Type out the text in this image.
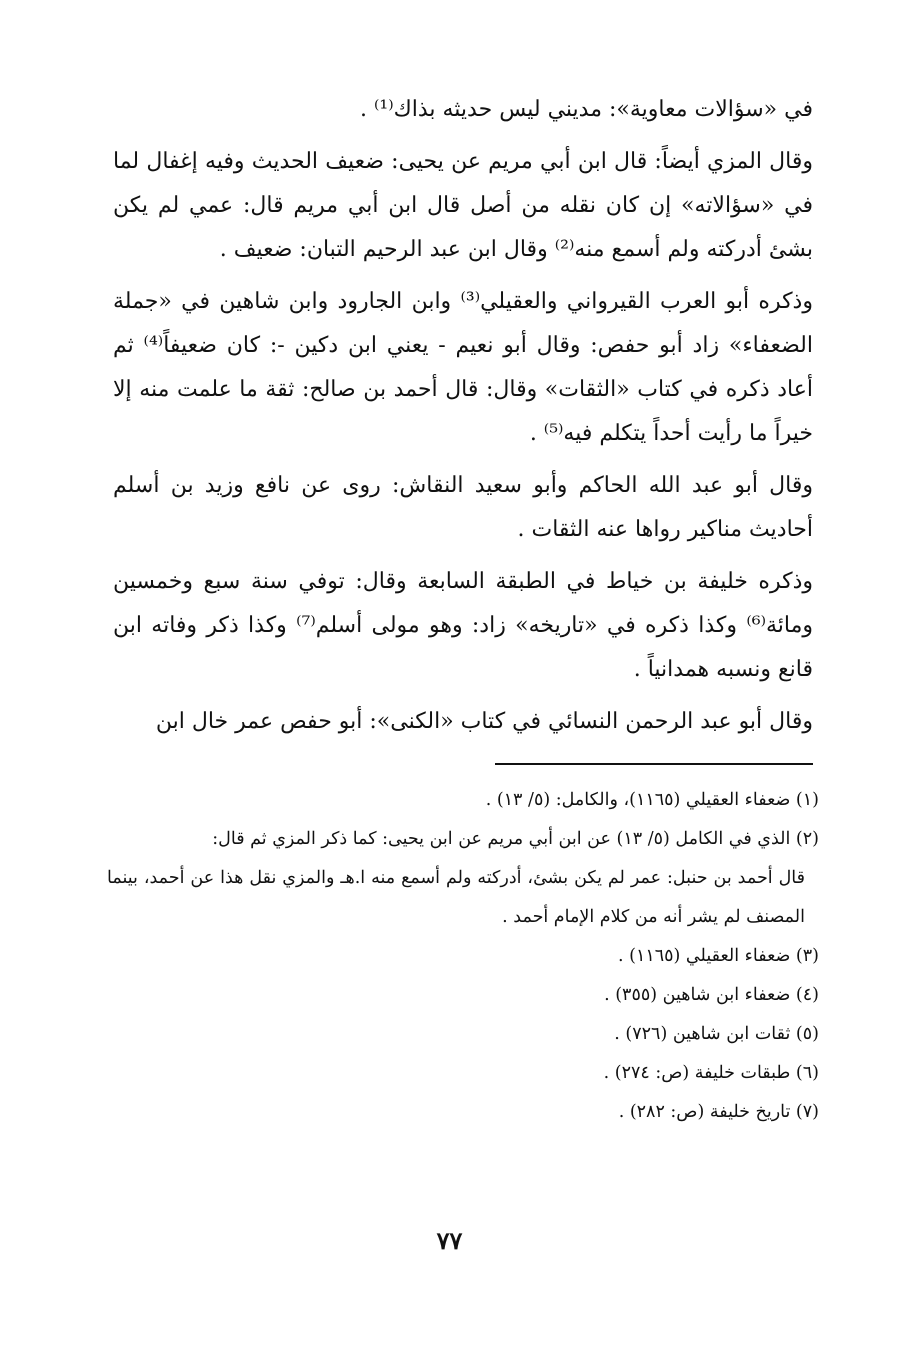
في «سؤالات معاوية»: مديني ليس حديثه بذاك⁽¹⁾ .

وقال المزي أيضاً: قال ابن أبي مريم عن يحيى: ضعيف الحديث وفيه إغفال لما في «سؤالاته» إن كان نقله من أصل قال ابن أبي مريم قال: عمي لم يكن بشئ أدركته ولم أسمع منه⁽²⁾ وقال ابن عبد الرحيم التبان: ضعيف .

وذكره أبو العرب القيرواني والعقيلي⁽³⁾ وابن الجارود وابن شاهين في «جملة الضعفاء» زاد أبو حفص: وقال أبو نعيم - يعني ابن دكين -: كان ضعيفاً⁽⁴⁾ ثم أعاد ذكره في كتاب «الثقات» وقال: قال أحمد بن صالح: ثقة ما علمت منه إلا خيراً ما رأيت أحداً يتكلم فيه⁽⁵⁾ .

وقال أبو عبد الله الحاكم وأبو سعيد النقاش: روى عن نافع وزيد بن أسلم أحاديث مناكير رواها عنه الثقات .

وذكره خليفة بن خياط في الطبقة السابعة وقال: توفي سنة سبع وخمسين ومائة⁽⁶⁾ وكذا ذكره في «تاريخه» زاد: وهو مولى أسلم⁽⁷⁾ وكذا ذكر وفاته ابن قانع ونسبه همدانياً .

وقال أبو عبد الرحمن النسائي في كتاب «الكنى»: أبو حفص عمر خال ابن

(١) ضعفاء العقيلي (١١٦٥)، والكامل: (٥/ ١٣) .

(٢) الذي في الكامل (٥/ ١٣) عن ابن أبي مريم عن ابن يحيى: كما ذكر المزي ثم قال:

قال أحمد بن حنبل: عمر لم يكن بشئ، أدركته ولم أسمع منه ا.هـ والمزي نقل هذا عن أحمد، بينما المصنف لم يشر أنه من كلام الإمام أحمد .

(٣) ضعفاء العقيلي (١١٦٥) .

(٤) ضعفاء ابن شاهين (٣٥٥) .

(٥) ثقات ابن شاهين (٧٢٦) .

(٦) طبقات خليفة (ص: ٢٧٤) .

(٧) تاريخ خليفة (ص: ٢٨٢) .

٧٧
